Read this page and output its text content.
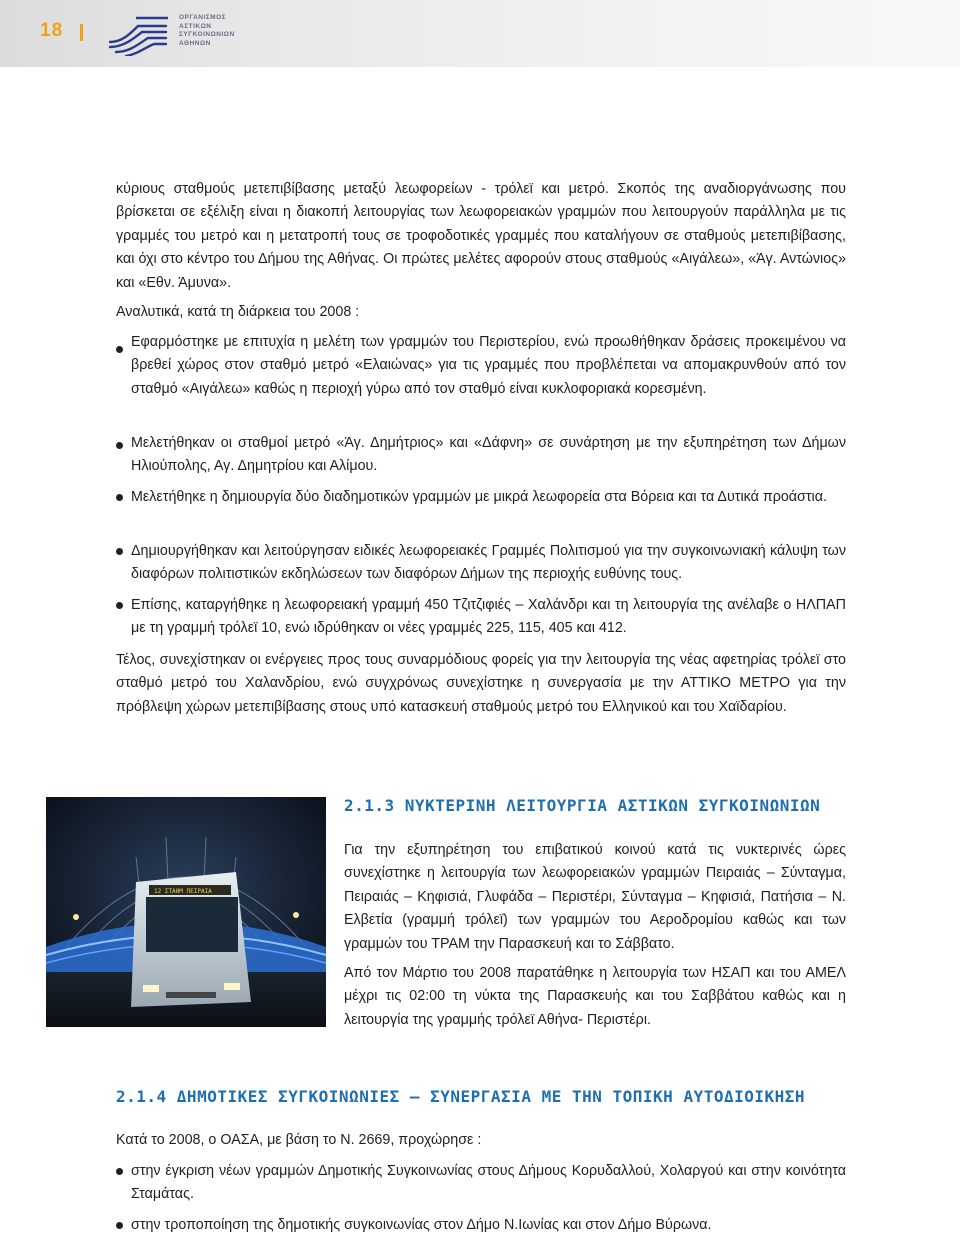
18
ΟΡΓΑΝΙΣΜΟΣ
ΑΣΤΙΚΩΝ
ΣΥΓΚΟΙΝΩΝΙΩΝ
ΑΘΗΝΩΝ

κύριους σταθμούς μετεπιβίβασης μεταξύ λεωφορείων - τρόλεϊ και μετρό. Σκοπός της αναδιοργάνωσης που βρίσκεται σε εξέλιξη είναι η διακοπή λειτουργίας των λεωφορειακών γραμμών που λειτουργούν παράλληλα με τις γραμμές του μετρό και η μετατροπή τους σε τροφοδοτικές γραμμές που καταλήγουν σε σταθμούς μετεπιβίβασης, και όχι στο κέντρο του Δήμου της Αθήνας. Οι πρώτες μελέτες αφορούν στους σταθμούς «Αιγάλεω», «Άγ. Αντώνιος» και «Εθν. Άμυνα».

Αναλυτικά, κατά τη διάρκεια του 2008 :

Εφαρμόστηκε με επιτυχία η μελέτη των γραμμών του Περιστερίου, ενώ προωθήθηκαν δράσεις προκειμένου να βρεθεί χώρος στον σταθμό μετρό «Ελαιώνας» για τις γραμμές που προβλέπεται να απομακρυνθούν από τον σταθμό «Αιγάλεω» καθώς η περιοχή γύρω από τον σταθμό είναι κυκλοφοριακά κορεσμένη.
Μελετήθηκαν οι σταθμοί μετρό «Άγ. Δημήτριος» και «Δάφνη» σε συνάρτηση με την εξυπηρέτηση των Δήμων Ηλιούπολης, Αγ. Δημητρίου και Αλίμου.
Μελετήθηκε η δημιουργία δύο διαδημοτικών γραμμών με μικρά λεωφορεία στα Βόρεια και τα Δυτικά προάστια.
Δημιουργήθηκαν και λειτούργησαν ειδικές λεωφορειακές Γραμμές Πολιτισμού για την συγκοινωνιακή κάλυψη των διαφόρων πολιτιστικών εκδηλώσεων των διαφόρων Δήμων της περιοχής ευθύνης τους.
Επίσης, καταργήθηκε η λεωφορειακή γραμμή 450 Τζιτζιφιές – Χαλάνδρι και τη λειτουργία της ανέλαβε ο ΗΛΠΑΠ με τη γραμμή τρόλεϊ 10, ενώ ιδρύθηκαν οι νέες γραμμές 225, 115, 405 και 412.

Τέλος, συνεχίστηκαν οι ενέργειες προς τους συναρμόδιους φορείς για την λειτουργία της νέας αφετηρίας τρόλεϊ στο σταθμό μετρό του Χαλανδρίου, ενώ συγχρόνως συνεχίστηκε η συνεργασία με την ΑΤΤΙΚΟ ΜΕΤΡΟ για την πρόβλεψη χώρων μετεπιβίβασης στους υπό κατασκευή σταθμούς μετρό του Ελληνικού και του Χαϊδαρίου.

12 ΣΤΑΘΜ ΠΕΙΡΑΙΑ
2.1.3 ΝΥΚΤΕΡΙΝΗ ΛΕΙΤΟΥΡΓΙΑ ΑΣΤΙΚΩΝ ΣΥΓΚΟΙΝΩΝΙΩΝ

Για την εξυπηρέτηση του επιβατικού κοινού κατά τις νυκτερινές ώρες συνεχίστηκε η λειτουργία των λεωφορειακών γραμμών Πειραιάς – Σύνταγμα, Πειραιάς – Κηφισιά, Γλυφάδα – Περιστέρι, Σύνταγμα – Κηφισιά, Πατήσια – Ν. Ελβετία (γραμμή τρόλεϊ) των γραμμών του Αεροδρομίου καθώς και των γραμμών του ΤΡΑΜ την Παρασκευή και το Σάββατο.

Από τον Μάρτιο του 2008 παρατάθηκε η λειτουργία των ΗΣΑΠ και του ΑΜΕΛ μέχρι τις 02:00 τη νύκτα της Παρασκευής και του Σαββάτου καθώς και η λειτουργία της γραμμής τρόλεϊ Αθήνα- Περιστέρι.

2.1.4 ΔΗΜΟΤΙΚΕΣ ΣΥΓΚΟΙΝΩΝΙΕΣ – ΣΥΝΕΡΓΑΣΙΑ ΜΕ ΤΗΝ ΤΟΠΙΚΗ ΑΥΤΟΔΙΟΙΚΗΣΗ

Κατά το 2008, ο ΟΑΣΑ, με βάση το Ν. 2669, προχώρησε :

στην έγκριση νέων γραμμών Δημοτικής Συγκοινωνίας στους Δήμους Κορυδαλλού, Χολαργού και στην κοινότητα Σταμάτας.
στην τροποποίηση της δημοτικής συγκοινωνίας στον Δήμο Ν.Ιωνίας και στον Δήμο Βύρωνα.
